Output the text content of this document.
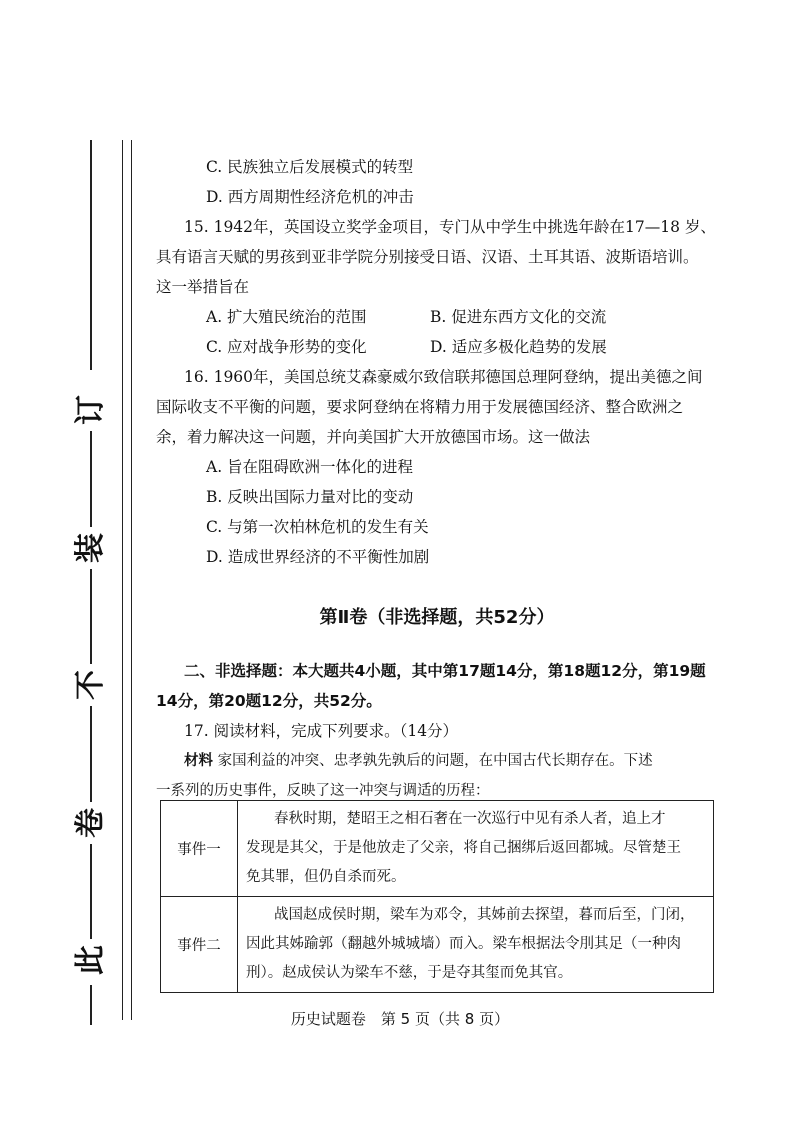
订
装
不
卷
此
C. 民族独立后发展模式的转型
D. 西方周期性经济危机的冲击
15. 1942年，英国设立奖学金项目，专门从中学生中挑选年龄在17—18 岁、
具有语言天赋的男孩到亚非学院分别接受日语、汉语、土耳其语、波斯语培训。
这一举措旨在
A. 扩大殖民统治的范围	B. 促进东西方文化的交流
C. 应对战争形势的变化	D. 适应多极化趋势的发展
16. 1960年，美国总统艾森豪威尔致信联邦德国总理阿登纳，提出美德之间
国际收支不平衡的问题，要求阿登纳在将精力用于发展德国经济、整合欧洲之
余，着力解决这一问题，并向美国扩大开放德国市场。这一做法
A. 旨在阻碍欧洲一体化的进程
B. 反映出国际力量对比的变动
C. 与第一次柏林危机的发生有关
D. 造成世界经济的不平衡性加剧
第Ⅱ卷（非选择题，共52分）
二、非选择题：本大题共4小题，其中第17题14分，第18题12分，第19题
14分，第20题12分，共52分。
17. 阅读材料，完成下列要求。（14分）
材料 家国利益的冲突、忠孝孰先孰后的问题，在中国古代长期存在。下述
一系列的历史事件，反映了这一冲突与调适的历程：
事件一	春秋时期，楚昭王之相石奢在一次巡行中见有杀人者，追上才
发现是其父，于是他放走了父亲，将自己捆绑后返回都城。尽管楚王
免其罪，但仍自杀而死。

事件二	战国赵成侯时期，梁车为邓令，其姊前去探望，暮而后至，门闭，
因此其姊踰郭（翻越外城城墙）而入。梁车根据法令刖其足（一种肉
刑）。赵成侯认为梁车不慈，于是夺其玺而免其官。
历史试题卷　第 5 页（共 8 页）
